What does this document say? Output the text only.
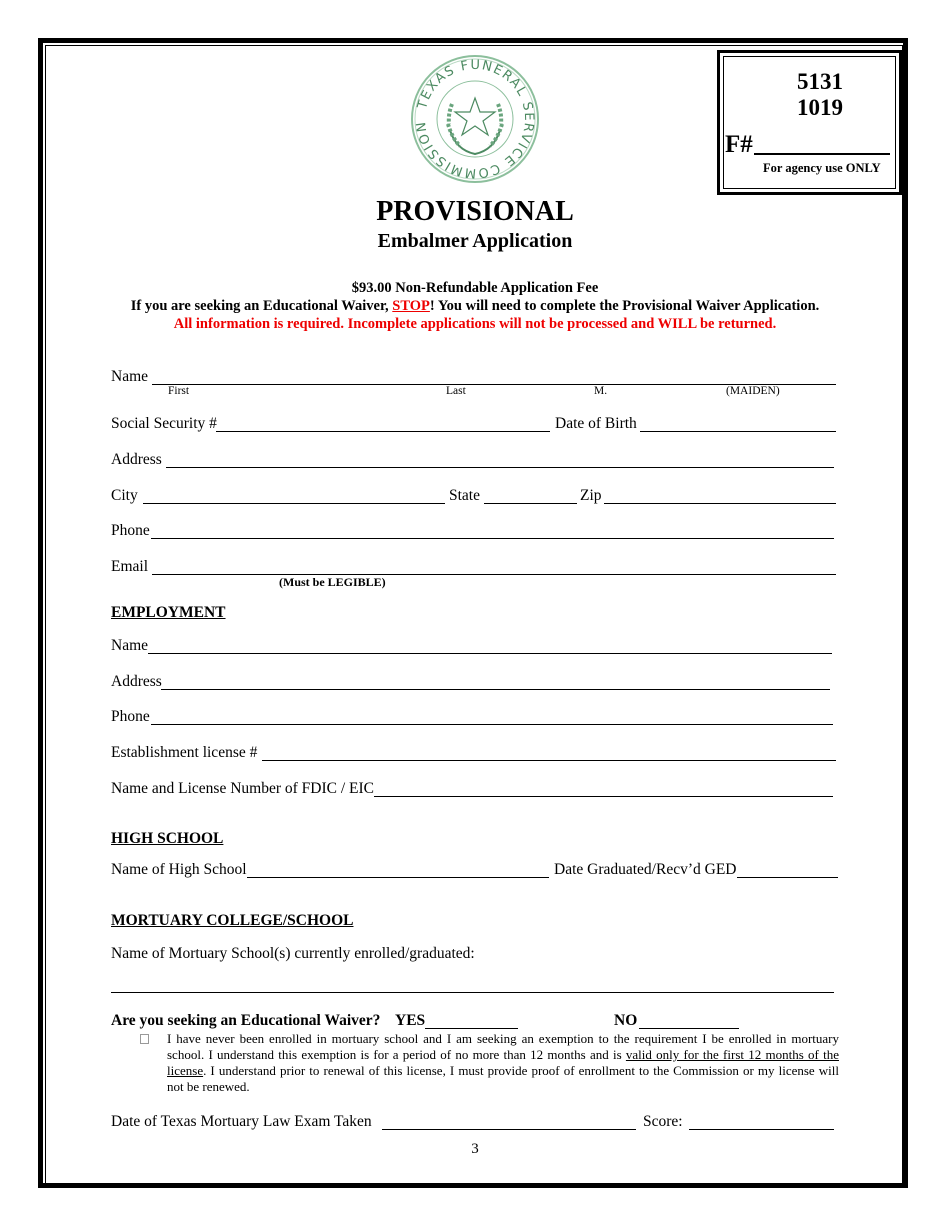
TEXAS FUNERAL SERVICE COMMISSION
5131
1019
F#
For agency use ONLY
PROVISIONAL
Embalmer Application
$93.00 Non-Refundable Application Fee
If you are seeking an Educational Waiver, STOP! You will need to complete the Provisional Waiver Application.
All information is required. Incomplete applications will not be processed and WILL be returned.
Name
First	Last	M.	(MAIDEN)
Social Security #	Date of Birth
Address
City	State	Zip
Phone
Email
(Must be LEGIBLE)
EMPLOYMENT
Name
Address
Phone
Establishment license #
Name and License Number of FDIC / EIC
HIGH SCHOOL
Name of High School	Date Graduated/Recv’d GED
MORTUARY COLLEGE/SCHOOL
Name of Mortuary School(s) currently enrolled/graduated:
Are you seeking an Educational Waiver? YES	NO
I have never been enrolled in mortuary school and I am seeking an exemption to the requirement I be enrolled in mortuary school. I understand this exemption is for a period of no more than 12 months and is valid only for the first 12 months of the license. I understand prior to renewal of this license, I must provide proof of enrollment to the Commission or my license will not be renewed.
Date of Texas Mortuary Law Exam Taken	Score:
3
